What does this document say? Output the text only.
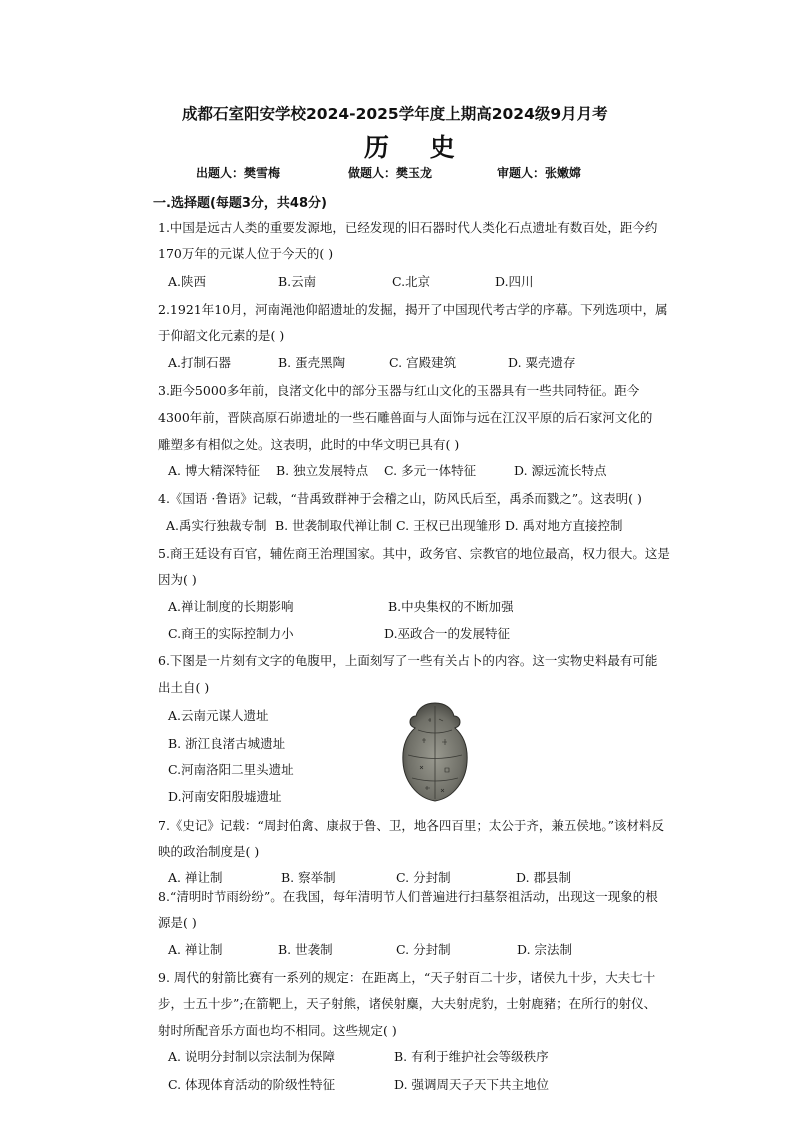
成都石室阳安学校2024-2025学年度上期高2024级9月月考
历 史
出题人：樊雪梅	做题人：樊玉龙	审题人：张嫩嫦
一.选择题(每题3分，共48分)
1.中国是远古人类的重要发源地，已经发现的旧石器时代人类化石点遗址有数百处，距今约
170万年的元谋人位于今天的( )
A.陕西	B.云南	C.北京	D.四川
2.1921年10月，河南渑池仰韶遗址的发掘，揭开了中国现代考古学的序幕。下列选项中，属
于仰韶文化元素的是( )
A.打制石器	B. 蛋壳黑陶	C. 宫殿建筑	D. 粟壳遗存
3.距今5000多年前，良渚文化中的部分玉器与红山文化的玉器具有一些共同特征。距今
4300年前，晋陕高原石峁遗址的一些石雕兽面与人面饰与远在江汉平原的后石家河文化的
雕塑多有相似之处。这表明，此时的中华文明已具有( )
A. 博大精深特征 B. 独立发展特点 C. 多元一体特征	D. 源远流长特点
4.《国语 ·鲁语》记载，“昔禹致群神于会稽之山，防风氏后至，禹杀而戮之”。这表明( )
A.禹实行独裁专制 B. 世袭制取代禅让制 C. 王权已出现雏形 D. 禹对地方直接控制
5.商王廷设有百官，辅佐商王治理国家。其中，政务官、宗教官的地位最高，权力很大。这是
因为( )
A.禅让制度的长期影响	B.中央集权的不断加强
C.商王的实际控制力小	D.巫政合一的发展特征
6.下图是一片刻有文字的龟腹甲，上面刻写了一些有关占卜的内容。这一实物史料最有可能
出土自( )
A.云南元谋人遗址
B. 浙江良渚古城遗址
C.河南洛阳二里头遗址
D.河南安阳殷墟遗址
7.《史记》记载：“周封伯禽、康叔于鲁、卫，地各四百里；太公于齐，兼五侯地。”该材料反
映的政治制度是( )
A. 禅让制	B. 察举制	C. 分封制	D. 郡县制
8.“清明时节雨纷纷”。在我国，每年清明节人们普遍进行扫墓祭祖活动，出现这一现象的根
源是( )
A. 禅让制	B. 世袭制	C. 分封制	D. 宗法制
9. 周代的射箭比赛有一系列的规定：在距离上，“天子射百二十步，诸侯九十步，大夫七十
步，士五十步”;在箭靶上，天子射熊，诸侯射麋，大夫射虎豹，士射鹿豬；在所行的射仪、
射时所配音乐方面也均不相同。这些规定( )
A. 说明分封制以宗法制为保障	B. 有利于维护社会等级秩序
C. 体现体育活动的阶级性特征	D. 强调周天子天下共主地位
